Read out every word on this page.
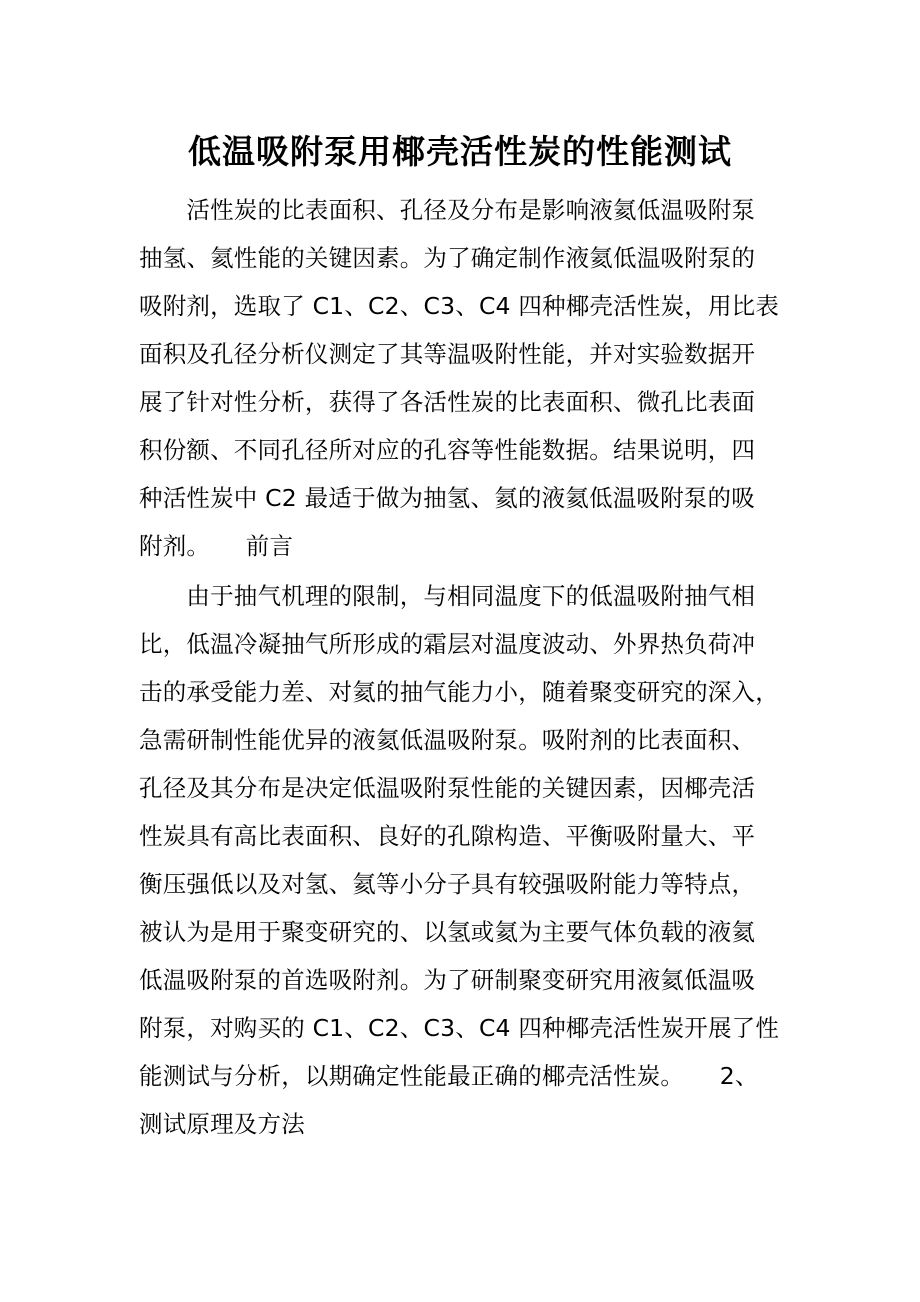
低温吸附泵用椰壳活性炭的性能测试
　　活性炭的比表面积、孔径及分布是影响液氦低温吸附泵
抽氢、氦性能的关键因素。为了确定制作液氦低温吸附泵的
吸附剂，选取了 C1、C2、C3、C4 四种椰壳活性炭，用比表
面积及孔径分析仪测定了其等温吸附性能，并对实验数据开
展了针对性分析，获得了各活性炭的比表面积、微孔比表面
积份额、不同孔径所对应的孔容等性能数据。结果说明，四
种活性炭中 C2 最适于做为抽氢、氦的液氦低温吸附泵的吸
附剂。　　前言
　　由于抽气机理的限制，与相同温度下的低温吸附抽气相
比，低温冷凝抽气所形成的霜层对温度波动、外界热负荷冲
击的承受能力差、对氦的抽气能力小，随着聚变研究的深入，
急需研制性能优异的液氦低温吸附泵。吸附剂的比表面积、
孔径及其分布是决定低温吸附泵性能的关键因素，因椰壳活
性炭具有高比表面积、良好的孔隙构造、平衡吸附量大、平
衡压强低以及对氢、氦等小分子具有较强吸附能力等特点，
被认为是用于聚变研究的、以氢或氦为主要气体负载的液氦
低温吸附泵的首选吸附剂。为了研制聚变研究用液氦低温吸
附泵，对购买的 C1、C2、C3、C4 四种椰壳活性炭开展了性
能测试与分析，以期确定性能最正确的椰壳活性炭。　　2、
测试原理及方法
